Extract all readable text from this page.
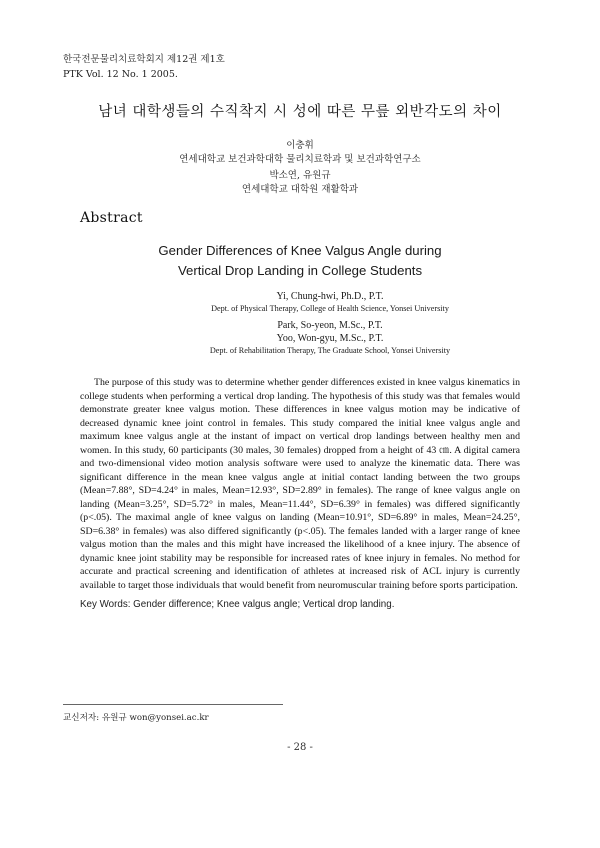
한국전문물리치료학회지 제12권 제1호
PTK Vol. 12 No. 1 2005.
남녀 대학생들의 수직착지 시 성에 따른 무릎 외반각도의 차이
이충휘
연세대학교 보건과학대학 물리치료학과 및 보건과학연구소
박소연, 유원규
연세대학교 대학원 재활학과
Abstract
Gender Differences of Knee Valgus Angle during
Vertical Drop Landing in College Students
Yi, Chung-hwi, Ph.D., P.T.
Dept. of Physical Therapy, College of Health Science, Yonsei University
Park, So-yeon, M.Sc., P.T.
Yoo, Won-gyu, M.Sc., P.T.
Dept. of Rehabilitation Therapy, The Graduate School, Yonsei University
The purpose of this study was to determine whether gender differences existed in knee valgus kinematics in college students when performing a vertical drop landing. The hypothesis of this study was that females would demonstrate greater knee valgus motion. These differences in knee valgus motion may be indicative of decreased dynamic knee joint control in females. This study compared the initial knee valgus angle and maximum knee valgus angle at the instant of impact on vertical drop landings between healthy men and women. In this study, 60 participants (30 males, 30 females) dropped from a height of 43 ㎝. A digital camera and two-dimensional video motion analysis software were used to analyze the kinematic data. There was significant difference in the mean knee valgus angle at initial contact landing between the two groups (Mean=7.88°, SD=4.24° in males, Mean=12.93°, SD=2.89° in females). The range of knee valgus angle on landing (Mean=3.25°, SD=5.72° in males, Mean=11.44°, SD=6.39° in females) was differed significantly (p<.05). The maximal angle of knee valgus on landing (Mean=10.91°, SD=6.89° in males, Mean=24.25°, SD=6.38° in females) was also differed significantly (p<.05). The females landed with a larger range of knee valgus motion than the males and this might have increased the likelihood of a knee injury. The absence of dynamic knee joint stability may be responsible for increased rates of knee injury in females. No method for accurate and practical screening and identification of athletes at increased risk of ACL injury is currently available to target those individuals that would benefit from neuromuscular training before sports participation.
Key Words: Gender difference; Knee valgus angle; Vertical drop landing.
교신저자: 유원규 won@yonsei.ac.kr
- 28 -
